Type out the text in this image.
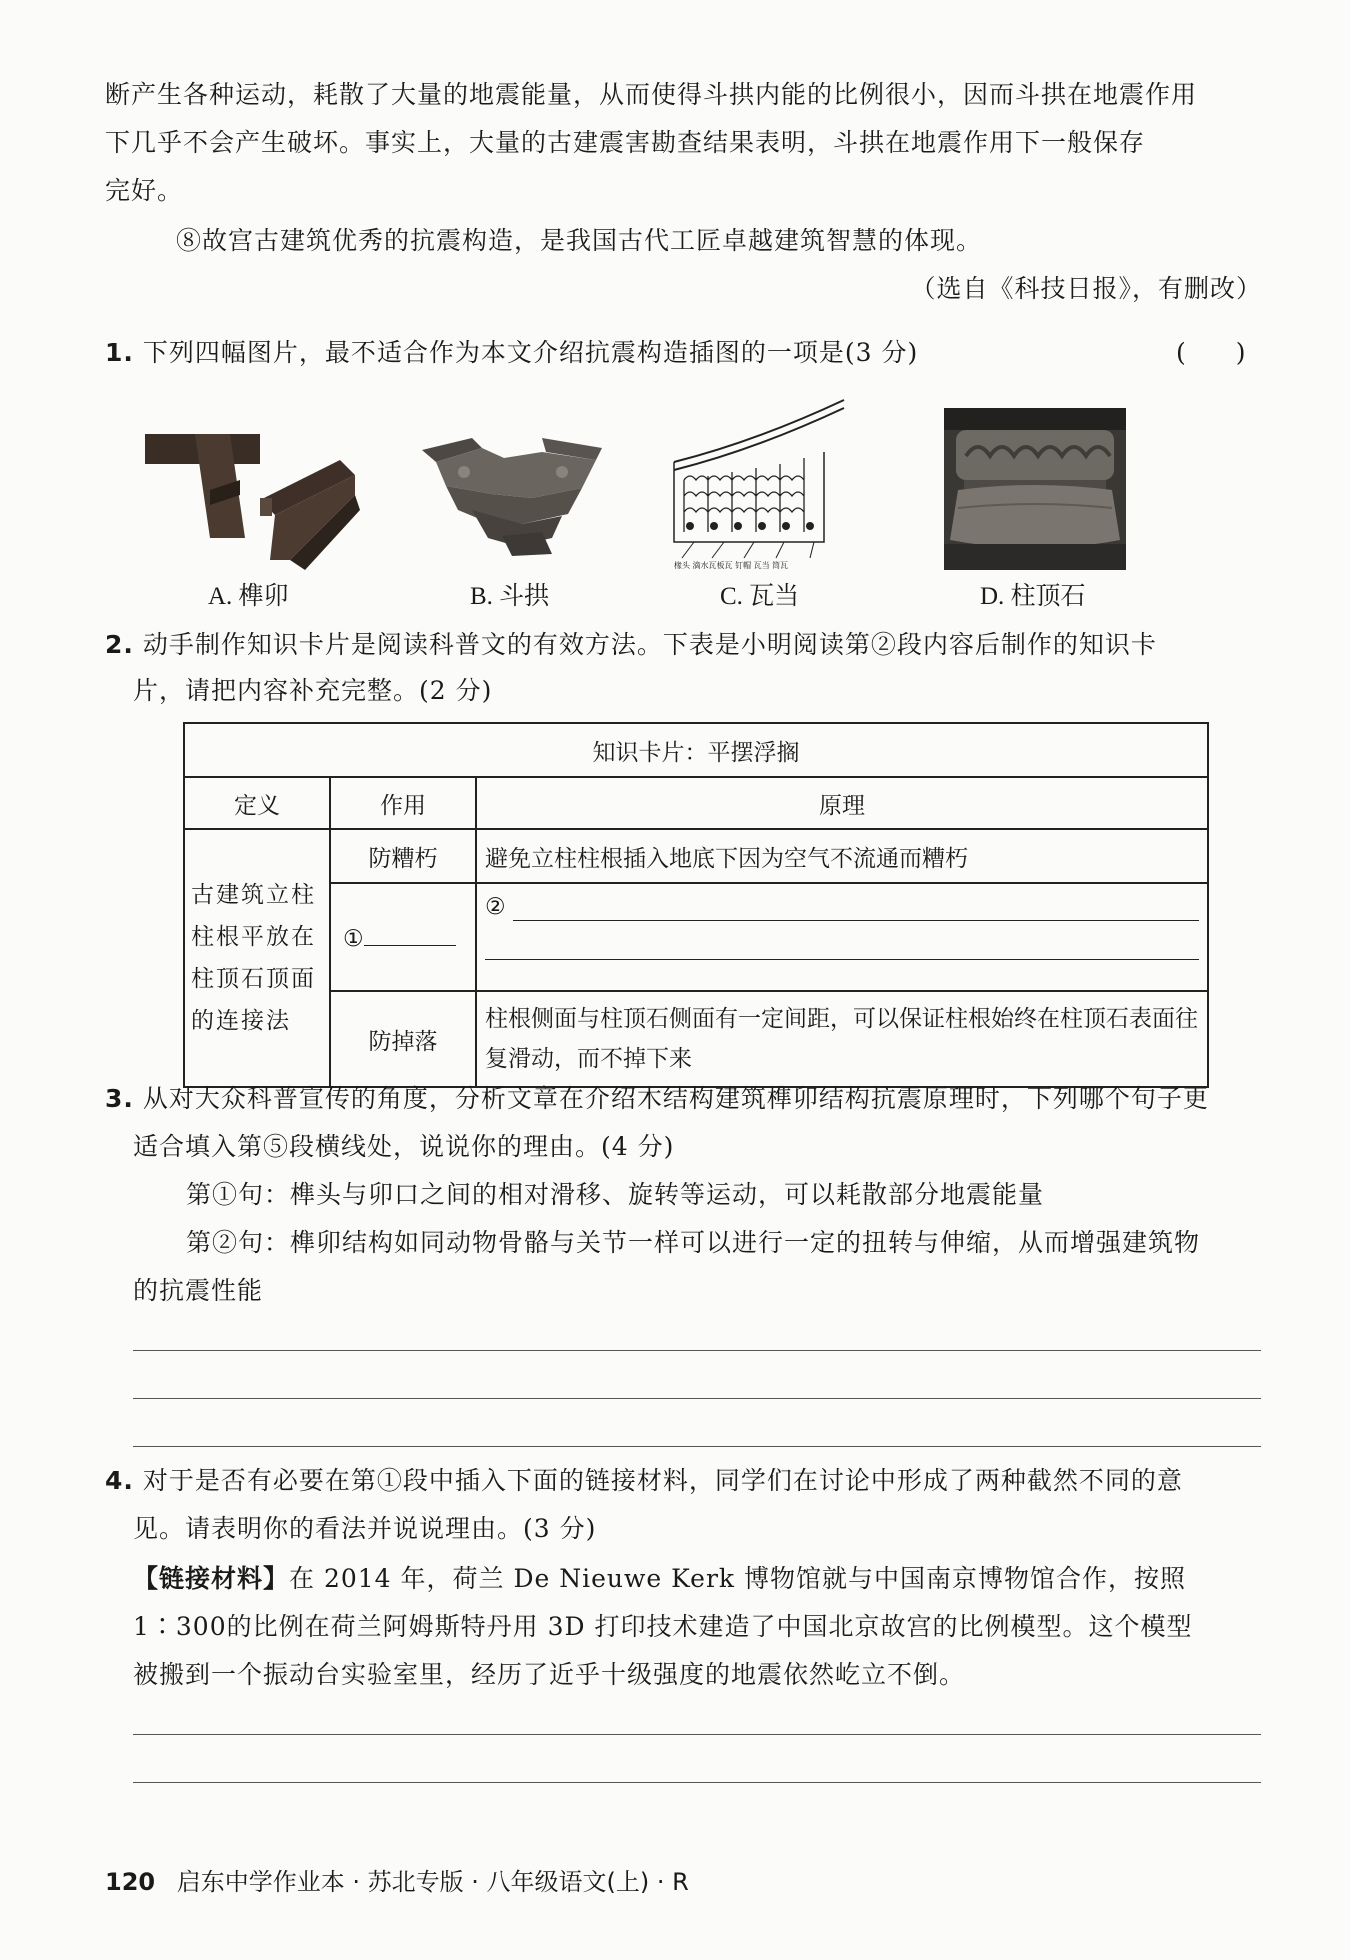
断产生各种运动，耗散了大量的地震能量，从而使得斗拱内能的比例很小，因而斗拱在地震作用
下几乎不会产生破坏。事实上，大量的古建震害勘查结果表明，斗拱在地震作用下一般保存
完好。
⑧故宫古建筑优秀的抗震构造，是我国古代工匠卓越建筑智慧的体现。
（选自《科技日报》，有删改）
1. 下列四幅图片，最不适合作为本文介绍抗震构造插图的一项是(3 分)	(　　)
A. 榫卯	B. 斗拱
椽头 滴水瓦板瓦 钉帽 瓦当 筒瓦
C. 瓦当	D. 柱顶石
2. 动手制作知识卡片是阅读科普文的有效方法。下表是小明阅读第②段内容后制作的知识卡
片，请把内容补充完整。(2 分)
知识卡片：平摆浮搁		
定义	作用	原理
古建筑立柱柱根平放在柱顶石顶面的连接法	防糟朽	避免立柱柱根插入地底下因为空气不流通而糟朽
	①	②

	防掉落	柱根侧面与柱顶石侧面有一定间距，可以保证柱根始终在柱顶石表面往复滑动，而不掉下来
3. 从对大众科普宣传的角度，分析文章在介绍木结构建筑榫卯结构抗震原理时，下列哪个句子更
适合填入第⑤段横线处，说说你的理由。(4 分)
第①句：榫头与卯口之间的相对滑移、旋转等运动，可以耗散部分地震能量
第②句：榫卯结构如同动物骨骼与关节一样可以进行一定的扭转与伸缩，从而增强建筑物
的抗震性能
4. 对于是否有必要在第①段中插入下面的链接材料，同学们在讨论中形成了两种截然不同的意
见。请表明你的看法并说说理由。(3 分)
【链接材料】在 2014 年，荷兰 De Nieuwe Kerk 博物馆就与中国南京博物馆合作，按照
1∶300的比例在荷兰阿姆斯特丹用 3D 打印技术建造了中国北京故宫的比例模型。这个模型
被搬到一个振动台实验室里，经历了近乎十级强度的地震依然屹立不倒。
120 启东中学作业本 · 苏北专版 · 八年级语文(上) · R
